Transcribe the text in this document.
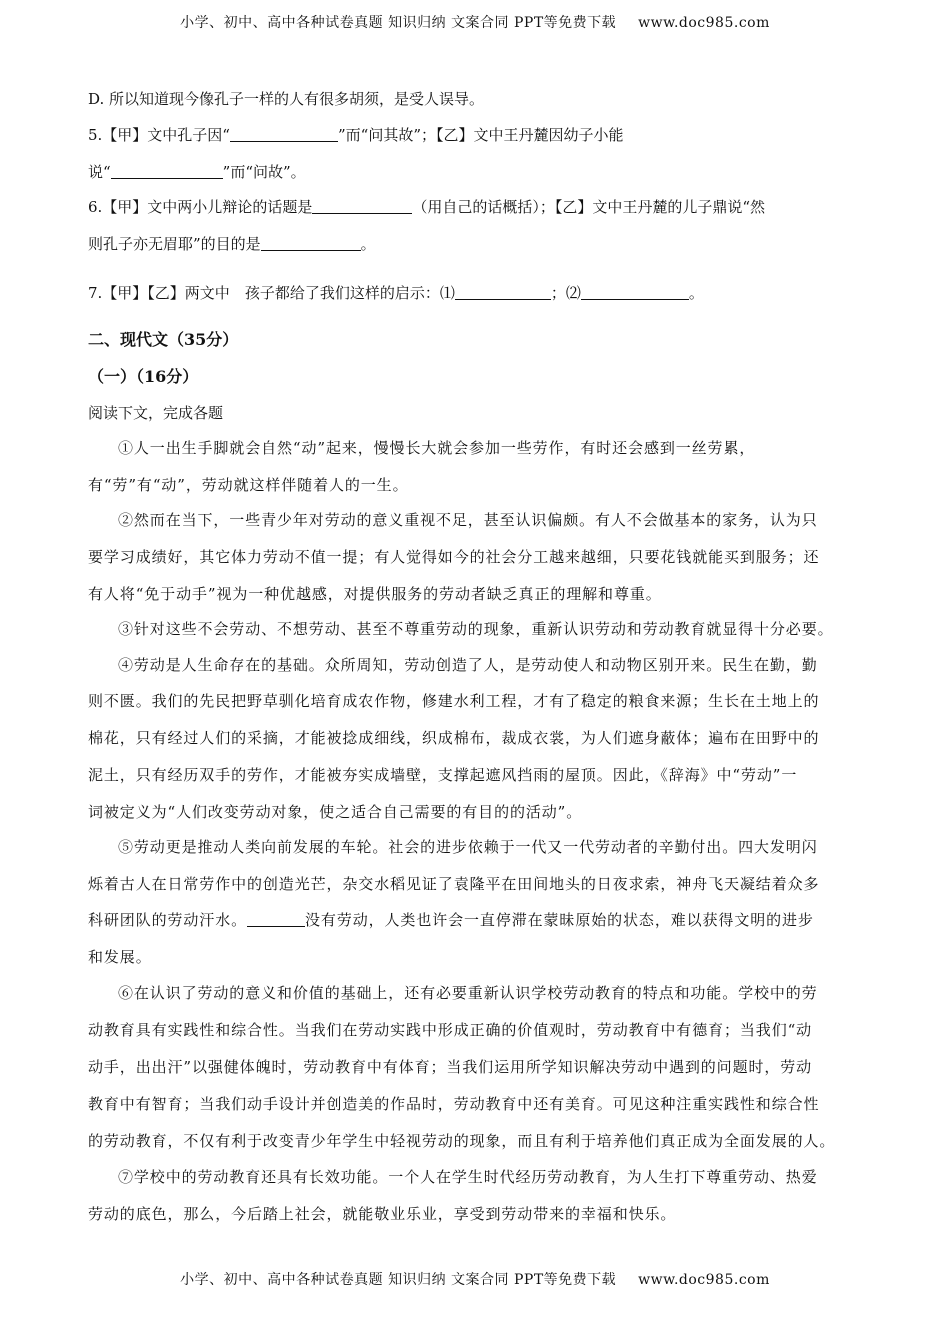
小学、初中、高中各种试卷真题 知识归纳 文案合同 PPT等免费下载 www.doc985.com
D. 所以知道现今像孔子一样的人有很多胡须，是受人误导。
5.【甲】文中孔子因“	”而“问其故”；【乙】文中王丹麓因幼子小能
说“	”而“问故”。
6.【甲】文中两小儿辩论的话题是	（用自己的话概括）；【乙】文中王丹麓的儿子鼎说“然
则孔子亦无眉耶”的目的是	。
7.【甲】【乙】两文中　孩子都给了我们这样的启示：⑴	；⑵	。
二、现代文（35分）
（一）（16分）
阅读下文，完成各题
①人一出生手脚就会自然“动”起来，慢慢长大就会参加一些劳作，有时还会感到一丝劳累，
有“劳”有“动”，劳动就这样伴随着人的一生。
②然而在当下，一些青少年对劳动的意义重视不足，甚至认识偏颇。有人不会做基本的家务，认为只
要学习成绩好，其它体力劳动不值一提；有人觉得如今的社会分工越来越细，只要花钱就能买到服务；还
有人将“免于动手”视为一种优越感，对提供服务的劳动者缺乏真正的理解和尊重。
③针对这些不会劳动、不想劳动、甚至不尊重劳动的现象，重新认识劳动和劳动教育就显得十分必要。
④劳动是人生命存在的基础。众所周知，劳动创造了人，是劳动使人和动物区别开来。民生在勤，勤
则不匮。我们的先民把野草驯化培育成农作物，修建水利工程，才有了稳定的粮食来源；生长在土地上的
棉花，只有经过人们的采摘，才能被捻成细线，织成棉布，裁成衣裳，为人们遮身蔽体；遍布在田野中的
泥土，只有经历双手的劳作，才能被夯实成墙壁，支撑起遮风挡雨的屋顶。因此，《辞海》中“劳动”一
词被定义为“人们改变劳动对象，使之适合自己需要的有目的的活动”。
⑤劳动更是推动人类向前发展的车轮。社会的进步依赖于一代又一代劳动者的辛勤付出。四大发明闪
烁着古人在日常劳作中的创造光芒，杂交水稻见证了袁隆平在田间地头的日夜求索，神舟飞天凝结着众多
科研团队的劳动汗水。	没有劳动，人类也许会一直停滞在蒙昧原始的状态，难以获得文明的进步
和发展。
⑥在认识了劳动的意义和价值的基础上，还有必要重新认识学校劳动教育的特点和功能。学校中的劳
动教育具有实践性和综合性。当我们在劳动实践中形成正确的价值观时，劳动教育中有德育；当我们“动
动手，出出汗”以强健体魄时，劳动教育中有体育；当我们运用所学知识解决劳动中遇到的问题时，劳动
教育中有智育；当我们动手设计并创造美的作品时，劳动教育中还有美育。可见这种注重实践性和综合性
的劳动教育，不仅有利于改变青少年学生中轻视劳动的现象，而且有利于培养他们真正成为全面发展的人。
⑦学校中的劳动教育还具有长效功能。一个人在学生时代经历劳动教育，为人生打下尊重劳动、热爱
劳动的底色，那么，今后踏上社会，就能敬业乐业，享受到劳动带来的幸福和快乐。
小学、初中、高中各种试卷真题 知识归纳 文案合同 PPT等免费下载 www.doc985.com
